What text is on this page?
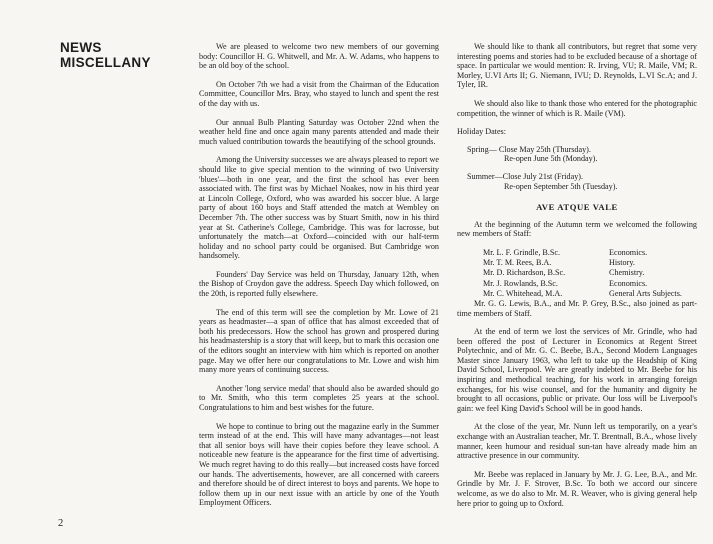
NEWS
MISCELLANY
2

We are pleased to welcome two new members of our governing body: Councillor H. G. Whitwell, and Mr. A. W. Adams, who happens to be an old boy of the school.

On October 7th we had a visit from the Chairman of the Education Committee, Councillor Mrs. Bray, who stayed to lunch and spent the rest of the day with us.

Our annual Bulb Planting Saturday was October 22nd when the weather held fine and once again many parents attended and made their much valued contribution towards the beautifying of the school grounds.

Among the University successes we are always pleased to report we should like to give special mention to the winning of two University 'blues'—both in one year, and the first the school has ever been associated with. The first was by Michael Noakes, now in his third year at Lincoln College, Oxford, who was awarded his soccer blue. A large party of about 160 boys and Staff attended the match at Wembley on December 7th. The other success was by Stuart Smith, now in his third year at St. Catherine's College, Cambridge. This was for lacrosse, but unfortunately the match—at Oxford—coincided with our half-term holiday and no school party could be organised. But Cambridge won handsomely.

Founders' Day Service was held on Thursday, January 12th, when the Bishop of Croydon gave the address. Speech Day which followed, on the 20th, is reported fully elsewhere.

The end of this term will see the completion by Mr. Lowe of 21 years as headmaster—a span of office that has almost exceeded that of both his predecessors. How the school has grown and prospered during his headmastership is a story that will keep, but to mark this occasion one of the editors sought an interview with him which is reported on another page. May we offer here our congratulations to Mr. Lowe and wish him many more years of continuing success.

Another 'long service medal' that should also be awarded should go to Mr. Smith, who this term completes 25 years at the school. Congratulations to him and best wishes for the future.

We hope to continue to bring out the magazine early in the Summer term instead of at the end. This will have many advantages—not least that all senior boys will have their copies before they leave school. A noticeable new feature is the appearance for the first time of advertising. We much regret having to do this really—but increased costs have forced our hands. The advertisements, however, are all concerned with careers and therefore should be of direct interest to boys and parents. We hope to follow them up in our next issue with an article by one of the Youth Employment Officers.

We should like to thank all contributors, but regret that some very interesting poems and stories had to be excluded because of a shortage of space. In particular we would mention: R. Irving, VU; R. Maile, VM; R. Morley, U.VI Arts II; G. Niemann, IVU; D. Reynolds, L.VI Sc.A; and J. Tyler, IR.

We should also like to thank those who entered for the photographic competition, the winner of which is R. Maile (VM).

Holiday Dates:
Spring— Close May 25th (Thursday).
Re-open June 5th (Monday).
Summer—Close July 21st (Friday).
Re-open September 5th (Tuesday).
AVE ATQUE VALE

At the beginning of the Autumn term we welcomed the following new members of Staff:

Mr. L. F. Grindle, B.Sc.	Economics.
Mr. T. M. Rees, B.A.	History.
Mr. D. Richardson, B.Sc.	Chemistry.
Mr. J. Rowlands, B.Sc.	Economics.
Mr. C. Whitehead, M.A.	General Arts Subjects.

Mr. G. G. Lewis, B.A., and Mr. P. Grey, B.Sc., also joined as part-time members of Staff.

At the end of term we lost the services of Mr. Grindle, who had been offered the post of Lecturer in Economics at Regent Street Polytechnic, and of Mr. G. C. Beebe, B.A., Second Modern Languages Master since January 1963, who left to take up the Headship of King David School, Liverpool. We are greatly indebted to Mr. Beebe for his inspiring and methodical teaching, for his work in arranging foreign exchanges, for his wise counsel, and for the humanity and dignity he brought to all occasions, public or private. Our loss will be Liverpool's gain: we feel King David's School will be in good hands.

At the close of the year, Mr. Nunn left us temporarily, on a year's exchange with an Australian teacher, Mr. T. Brentnall, B.A., whose lively manner, keen humour and residual sun-tan have already made him an attractive presence in our community.

Mr. Beebe was replaced in January by Mr. J. G. Lee, B.A., and Mr. Grindle by Mr. J. F. Strover, B.Sc. To both we accord our sincere welcome, as we do also to Mr. M. R. Weaver, who is giving general help here prior to going up to Oxford.
